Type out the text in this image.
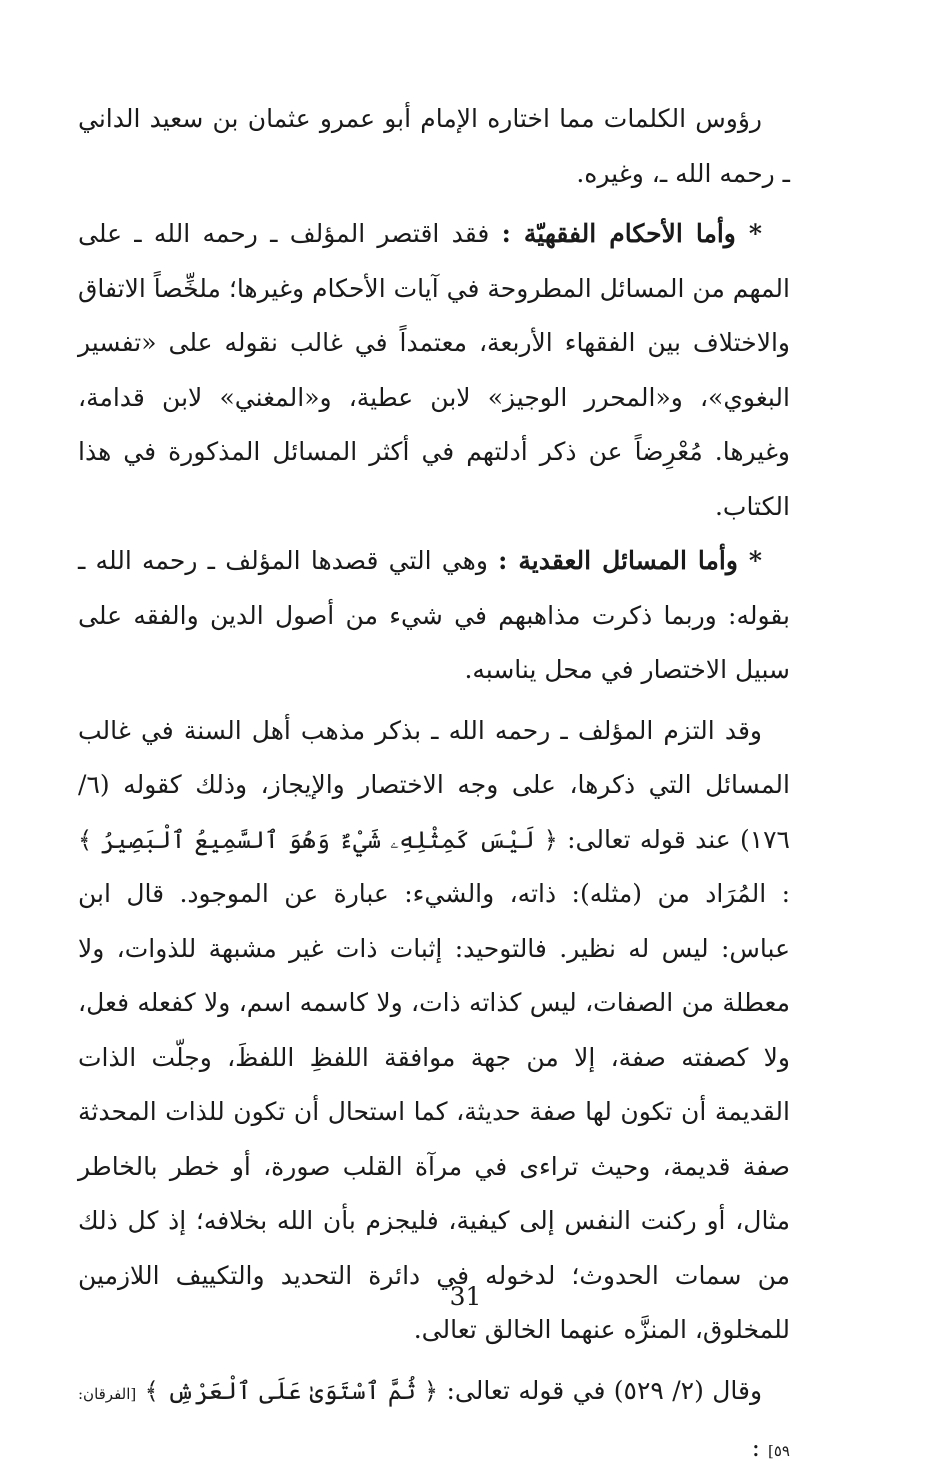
رؤوس الكلمات مما اختاره الإمام أبو عمرو عثمان بن سعيد الداني ـ رحمه الله ـ، وغيره.

* وأما الأحكام الفقهيّة : فقد اقتصر المؤلف ـ رحمه الله ـ على المهم من المسائل المطروحة في آيات الأحكام وغيرها؛ ملخِّصاً الاتفاق والاختلاف بين الفقهاء الأربعة، معتمداً في غالب نقوله على «تفسير البغوي»، و«المحرر الوجيز» لابن عطية، و«المغني» لابن قدامة، وغيرها. مُعْرِضاً عن ذكر أدلتهم في أكثر المسائل المذكورة في هذا الكتاب.

* وأما المسائل العقدية : وهي التي قصدها المؤلف ـ رحمه الله ـ بقوله: وربما ذكرت مذاهبهم في شيء من أصول الدين والفقه على سبيل الاختصار في محل يناسبه.

وقد التزم المؤلف ـ رحمه الله ـ بذكر مذهب أهل السنة في غالب المسائل التي ذكرها، على وجه الاختصار والإيجاز، وذلك كقوله (٦/ ١٧٦) عند قوله تعالى: ﴿ لَيْسَ كَمِثْلِهِۦ شَيْءٌ وَهُوَ ٱلسَّمِيعُ ٱلْبَصِيرُ ﴾ : المُرَاد من (مثله): ذاته، والشيء: عبارة عن الموجود. قال ابن عباس: ليس له نظير. فالتوحيد: إثبات ذات غير مشبهة للذوات، ولا معطلة من الصفات، ليس كذاته ذات، ولا كاسمه اسم، ولا كفعله فعل، ولا كصفته صفة، إلا من جهة موافقة اللفظِ اللفظَ، وجلّت الذات القديمة أن تكون لها صفة حديثة، كما استحال أن تكون للذات المحدثة صفة قديمة، وحيث تراءى في مرآة القلب صورة، أو خطر بالخاطر مثال، أو ركنت النفس إلى كيفية، فليجزم بأن الله بخلافه؛ إذ كل ذلك من سمات الحدوث؛ لدخوله في دائرة التحديد والتكييف اللازمين للمخلوق، المنزَّه عنهما الخالق تعالى.

وقال (٢/ ٥٢٩) في قوله تعالى: ﴿ ثُمَّ ٱسْتَوَىٰ عَلَى ٱلْعَرْشِ ﴾ [الفرقان: ٥٩] :

31
